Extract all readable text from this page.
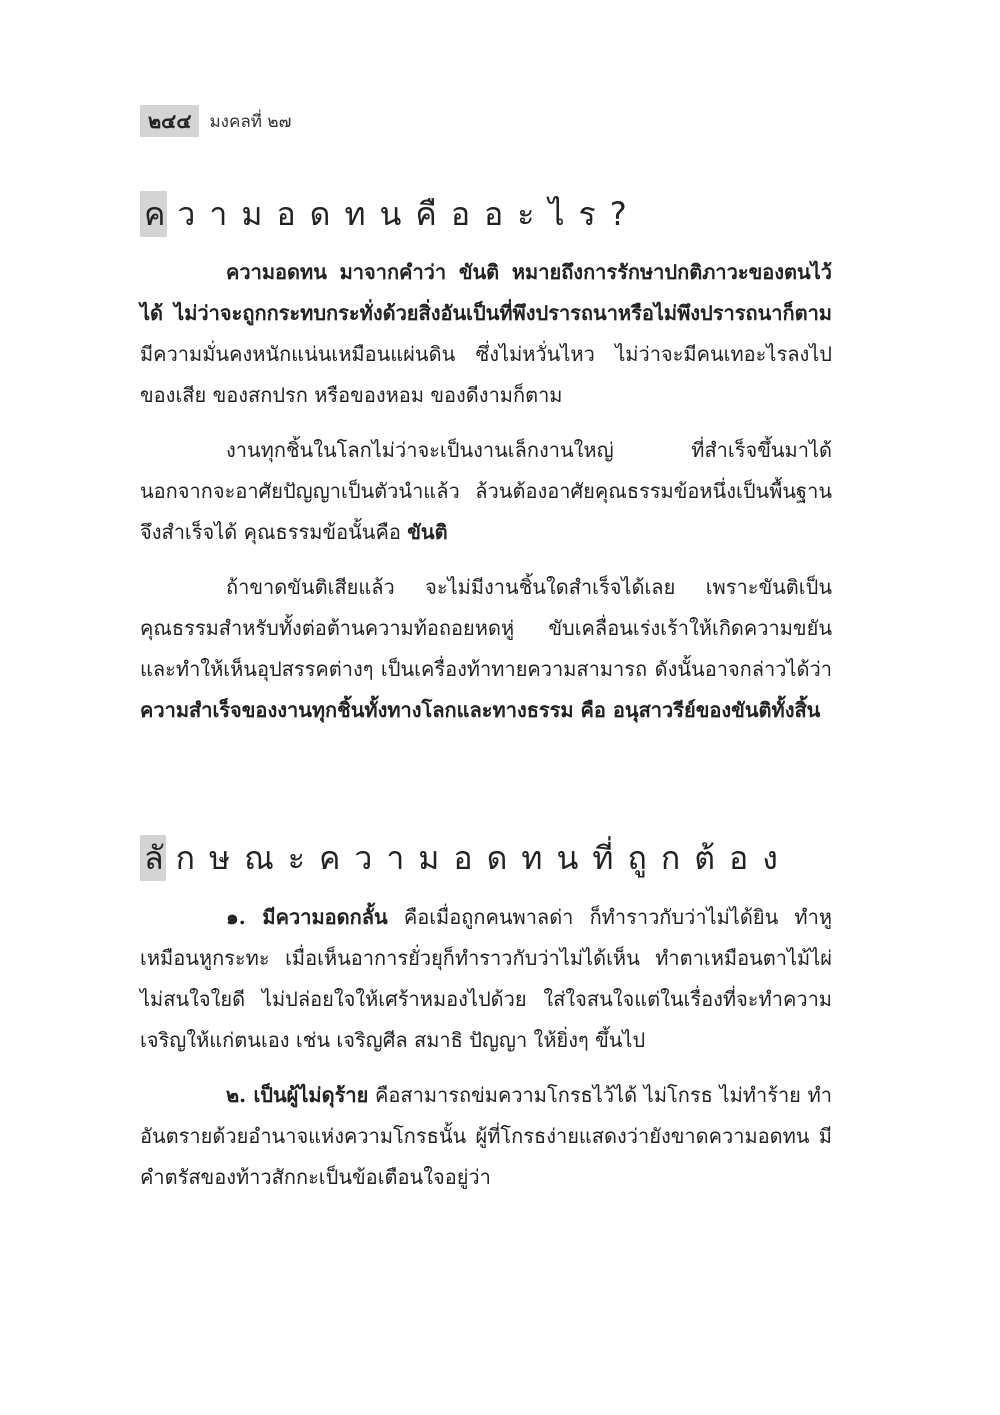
๒๔๔	มงคลที่ ๒๗
ค วามอดทนคืออะไร?

ความอดทน มาจากคำว่า ขันติ หมายถึงการรักษาปกติภาวะของตนไว้ได้ ไม่ว่าจะถูกกระทบกระทั่งด้วยสิ่งอันเป็นที่พึงปรารถนาหรือไม่พึงปรารถนาก็ตาม มีความมั่นคงหนักแน่นเหมือนแผ่นดิน ซึ่งไม่หวั่นไหว ไม่ว่าจะมีคนเทอะไรลงไป ของเสีย ของสกปรก หรือของหอม ของดีงามก็ตาม

งานทุกชิ้นในโลกไม่ว่าจะเป็นงานเล็กงานใหญ่ ที่สำเร็จขึ้นมาได้ นอกจากจะอาศัยปัญญาเป็นตัวนำแล้ว ล้วนต้องอาศัยคุณธรรมข้อหนึ่งเป็นพื้นฐานจึงสำเร็จได้ คุณธรรมข้อนั้นคือ ขันติ

ถ้าขาดขันติเสียแล้ว จะไม่มีงานชิ้นใดสำเร็จได้เลย เพราะขันติเป็นคุณธรรมสำหรับทั้งต่อต้านความท้อถอยหดหู่ ขับเคลื่อนเร่งเร้าให้เกิดความขยัน และทำให้เห็นอุปสรรคต่างๆ เป็นเครื่องท้าทายความสามารถ ดังนั้นอาจกล่าวได้ว่า ความสำเร็จของงานทุกชิ้นทั้งทางโลกและทางธรรม คือ อนุสาวรีย์ของขันติทั้งสิ้น

ลั กษณะความอดทนที่ถูกต้อง

๑. มีความอดกลั้น คือเมื่อถูกคนพาลด่า ก็ทำราวกับว่าไม่ได้ยิน ทำหูเหมือนหูกระทะ เมื่อเห็นอาการยั่วยุก็ทำราวกับว่าไม่ได้เห็น ทำตาเหมือนตาไม้ไผ่ ไม่สนใจใยดี ไม่ปล่อยใจให้เศร้าหมองไปด้วย ใส่ใจสนใจแต่ในเรื่องที่จะทำความเจริญให้แก่ตนเอง เช่น เจริญศีล สมาธิ ปัญญา ให้ยิ่งๆ ขึ้นไป

๒. เป็นผู้ไม่ดุร้าย คือสามารถข่มความโกรธไว้ได้ ไม่โกรธ ไม่ทำร้าย ทำอันตรายด้วยอำนาจแห่งความโกรธนั้น ผู้ที่โกรธง่ายแสดงว่ายังขาดความอดทน มีคำตรัสของท้าวสักกะเป็นข้อเตือนใจอยู่ว่า
